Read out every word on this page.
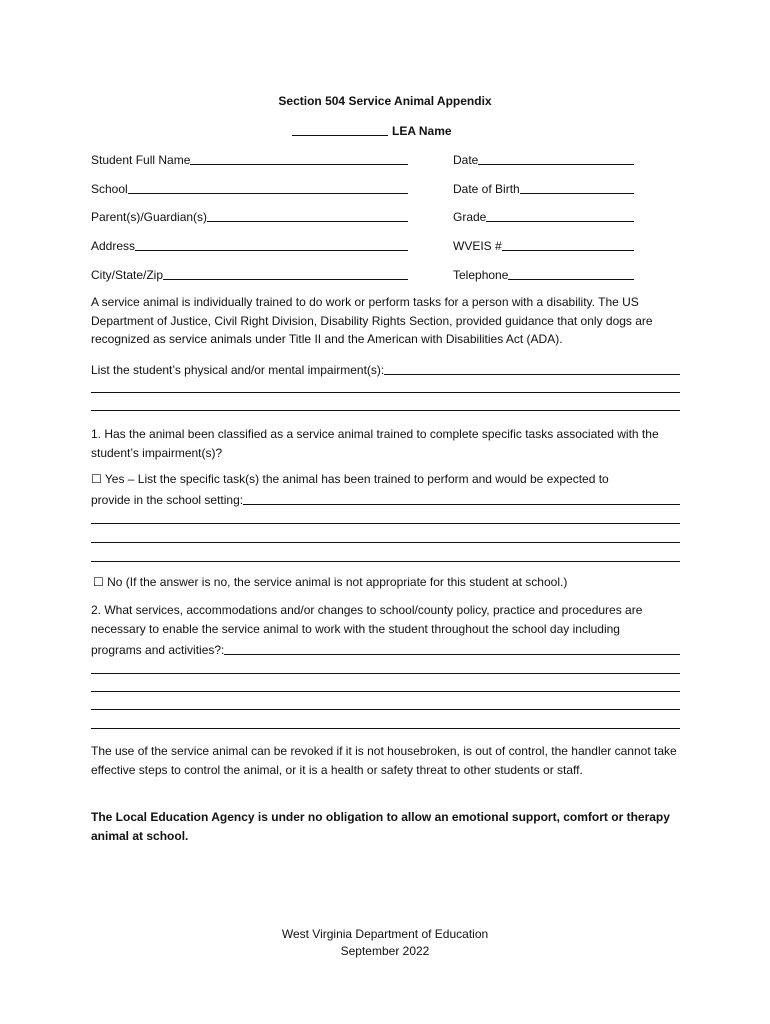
Section 504 Service Animal Appendix
LEA Name
Student Full Name
School
Parent(s)/Guardian(s)
Address
City/State/Zip
Date
Date of Birth
Grade
WVEIS #
Telephone
A service animal is individually trained to do work or perform tasks for a person with a disability. The US Department of Justice, Civil Right Division, Disability Rights Section, provided guidance that only dogs are recognized as service animals under Title II and the American with Disabilities Act (ADA).
List the student’s physical and/or mental impairment(s):
1. Has the animal been classified as a service animal trained to complete specific tasks associated with the student’s impairment(s)?
☐ Yes – List the specific task(s) the animal has been trained to perform and would be expected to
provide in the school setting:
☐ No (If the answer is no, the service animal is not appropriate for this student at school.)
2. What services, accommodations and/or changes to school/county policy, practice and procedures are
necessary to enable the service animal to work with the student throughout the school day including
programs and activities?:
The use of the service animal can be revoked if it is not housebroken, is out of control, the handler cannot take effective steps to control the animal, or it is a health or safety threat to other students or staff.
The Local Education Agency is under no obligation to allow an emotional support, comfort or therapy animal at school.
West Virginia Department of Education
September 2022
